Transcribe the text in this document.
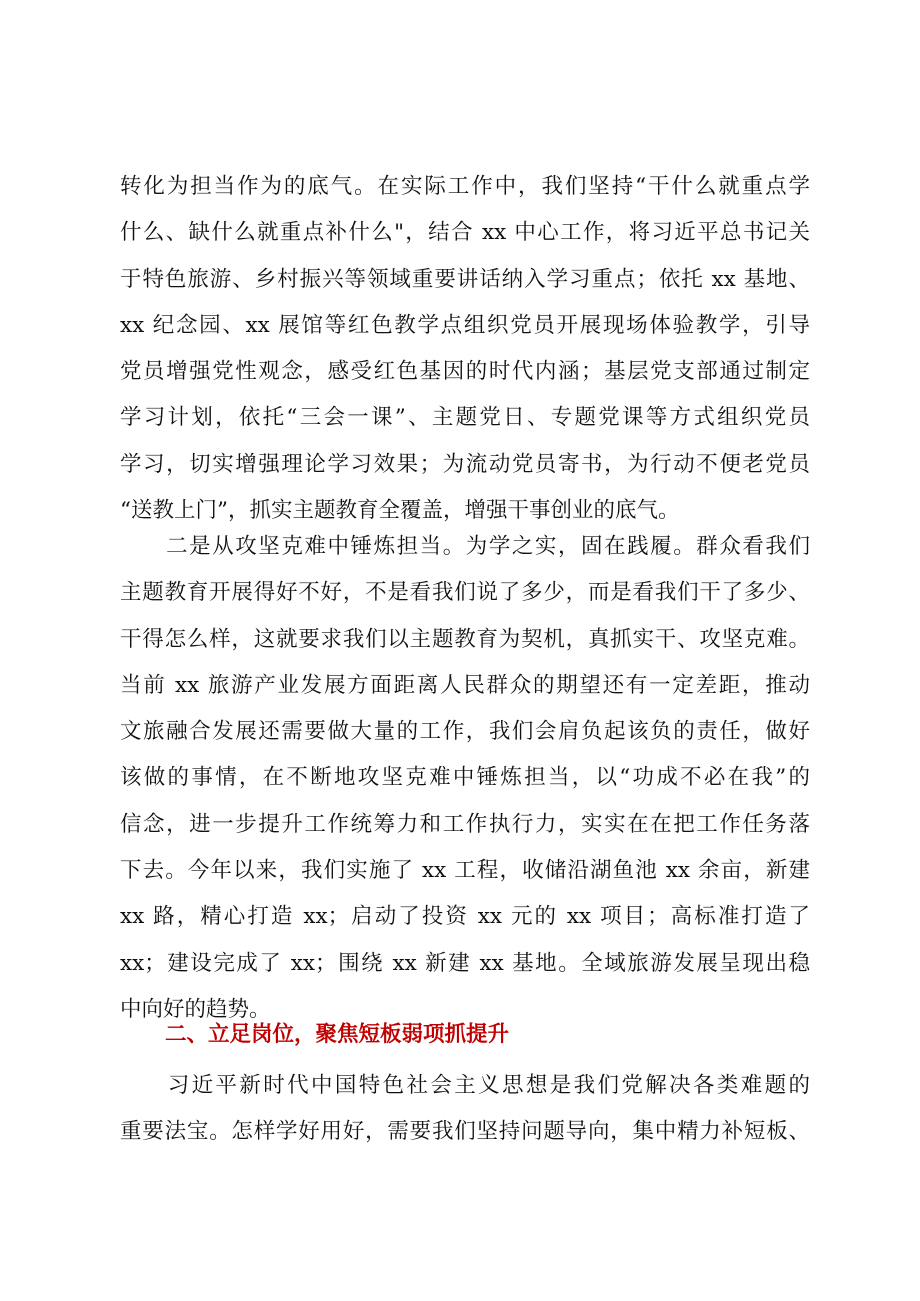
转化为担当作为的底气。在实际工作中，我们坚持“干什么就重点学
什么、缺什么就重点补什么"，结合 xx 中心工作，将习近平总书记关
于特色旅游、乡村振兴等领域重要讲话纳入学习重点；依托 xx 基地、
xx 纪念园、xx 展馆等红色教学点组织党员开展现场体验教学，引导
党员增强党性观念，感受红色基因的时代内涵；基层党支部通过制定
学习计划，依托“三会一课”、主题党日、专题党课等方式组织党员
学习，切实增强理论学习效果；为流动党员寄书，为行动不便老党员
“送教上门”，抓实主题教育全覆盖，增强干事创业的底气。
　　二是从攻坚克难中锤炼担当。为学之实，固在践履。群众看我们
主题教育开展得好不好，不是看我们说了多少，而是看我们干了多少、
干得怎么样，这就要求我们以主题教育为契机，真抓实干、攻坚克难。
当前 xx 旅游产业发展方面距离人民群众的期望还有一定差距，推动
文旅融合发展还需要做大量的工作，我们会肩负起该负的责任，做好
该做的事情，在不断地攻坚克难中锤炼担当，以“功成不必在我”的
信念，进一步提升工作统筹力和工作执行力，实实在在把工作任务落
下去。今年以来，我们实施了 xx 工程，收储沿湖鱼池 xx 余亩，新建
xx 路，精心打造 xx；启动了投资 xx 元的 xx 项目；高标准打造了
xx；建设完成了 xx；围绕 xx 新建 xx 基地。全域旅游发展呈现出稳
中向好的趋势。
二、立足岗位，聚焦短板弱项抓提升
　　习近平新时代中国特色社会主义思想是我们党解决各类难题的
重要法宝。怎样学好用好，需要我们坚持问题导向，集中精力补短板、
